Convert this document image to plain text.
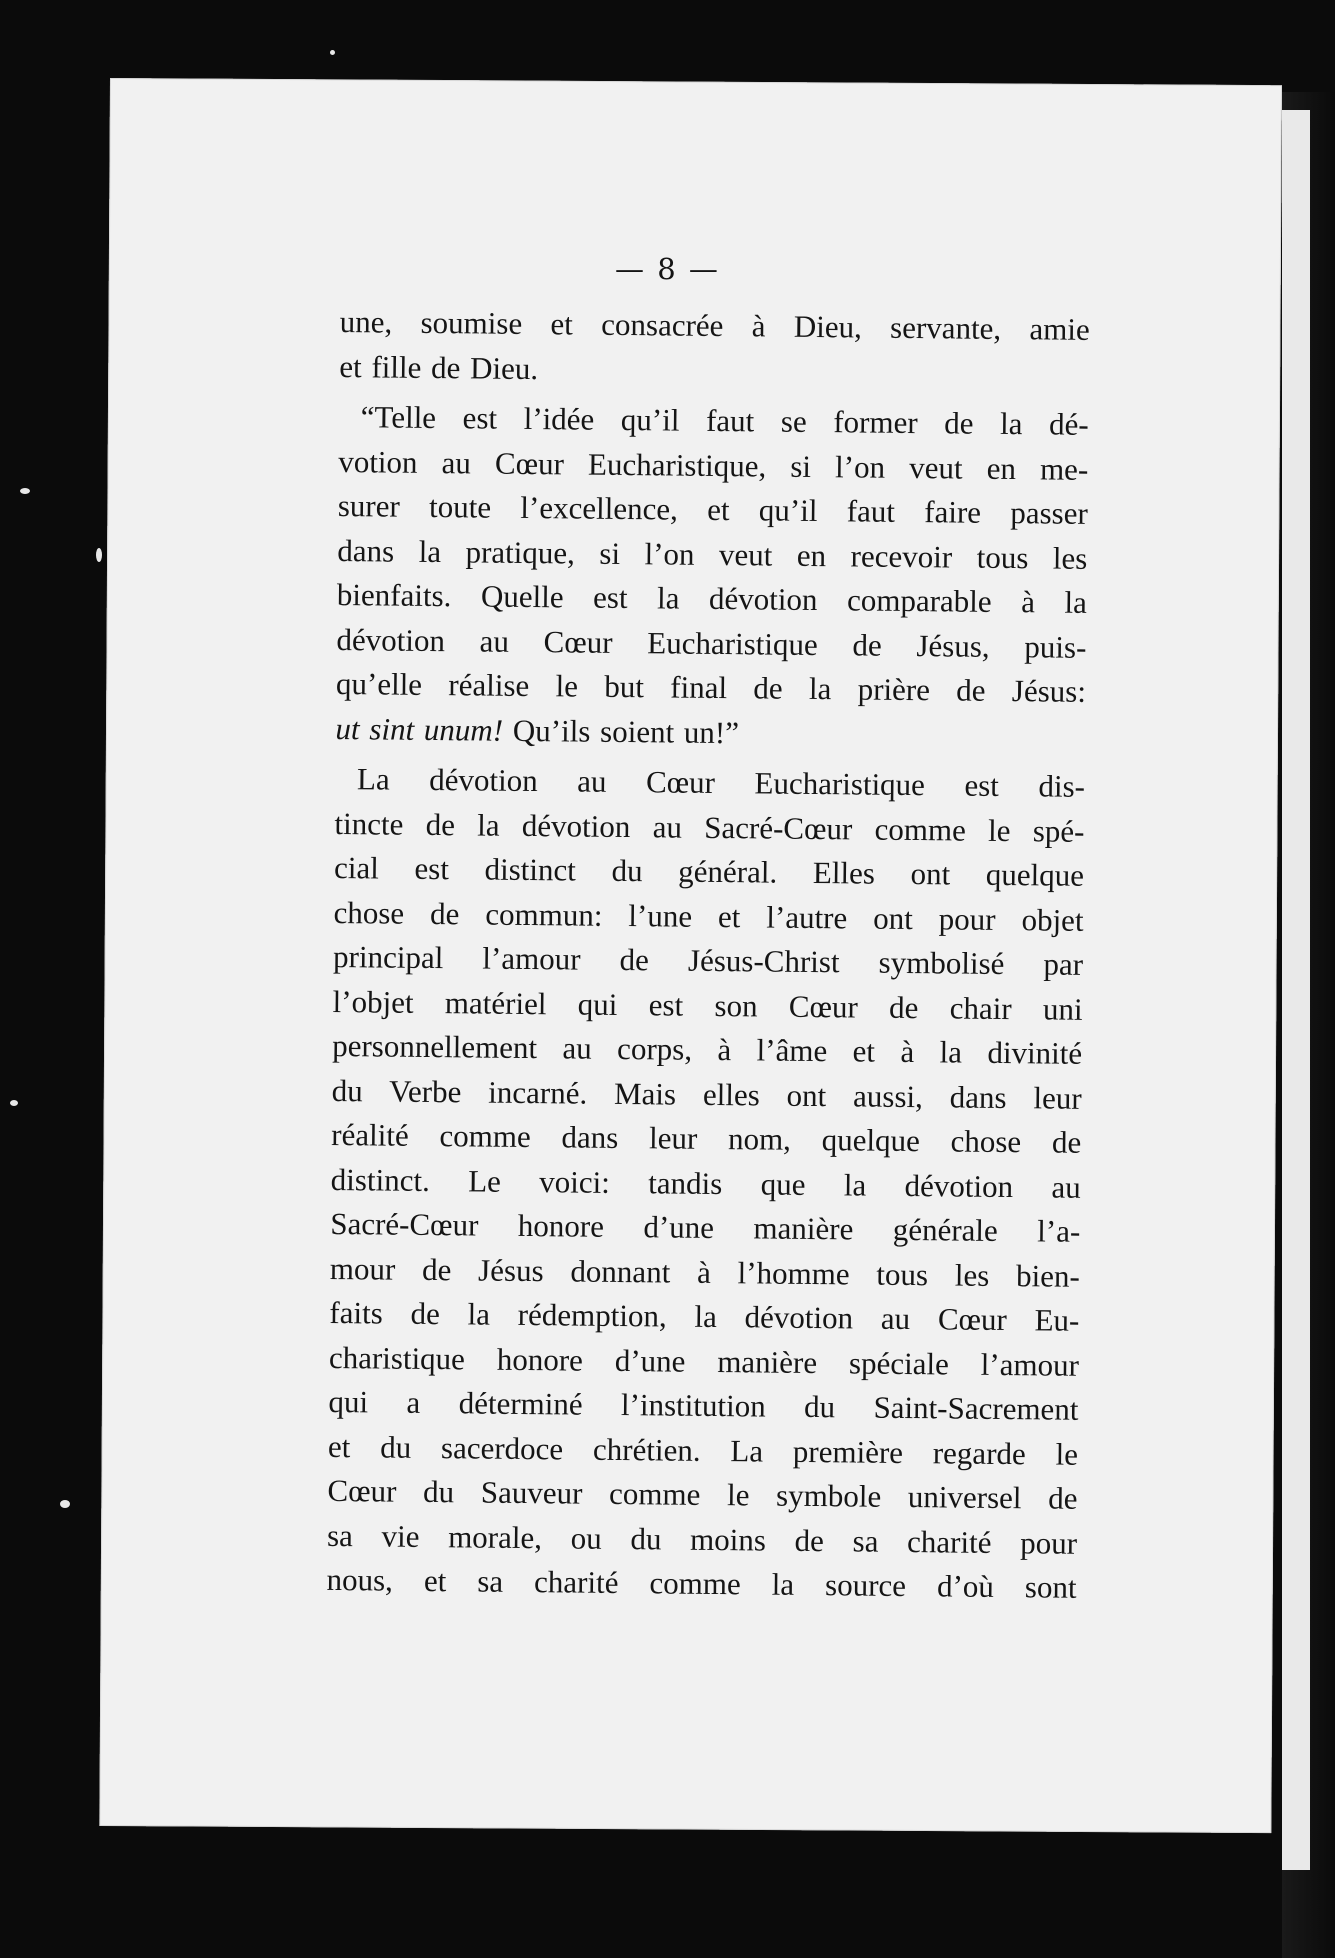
— 8 —
une, soumise et consacrée à Dieu, servante, amie
et fille de Dieu.
“Telle est l’idée qu’il faut se former de la dé-
votion au Cœur Eucharistique, si l’on veut en me-
surer toute l’excellence, et qu’il faut faire passer
dans la pratique, si l’on veut en recevoir tous les
bienfaits. Quelle est la dévotion comparable à la
dévotion au Cœur Eucharistique de Jésus, puis-
qu’elle réalise le but final de la prière de Jésus:
ut sint unum! Qu’ils soient un!”
La dévotion au Cœur Eucharistique est dis-
tincte de la dévotion au Sacré-Cœur comme le spé-
cial est distinct du général. Elles ont quelque
chose de commun: l’une et l’autre ont pour objet
principal l’amour de Jésus-Christ symbolisé par
l’objet matériel qui est son Cœur de chair uni
personnellement au corps, à l’âme et à la divinité
du Verbe incarné. Mais elles ont aussi, dans leur
réalité comme dans leur nom, quelque chose de
distinct. Le voici: tandis que la dévotion au
Sacré-Cœur honore d’une manière générale l’a-
mour de Jésus donnant à l’homme tous les bien-
faits de la rédemption, la dévotion au Cœur Eu-
charistique honore d’une manière spéciale l’amour
qui a déterminé l’institution du Saint-Sacrement
et du sacerdoce chrétien. La première regarde le
Cœur du Sauveur comme le symbole universel de
sa vie morale, ou du moins de sa charité pour
nous, et sa charité comme la source d’où sont
